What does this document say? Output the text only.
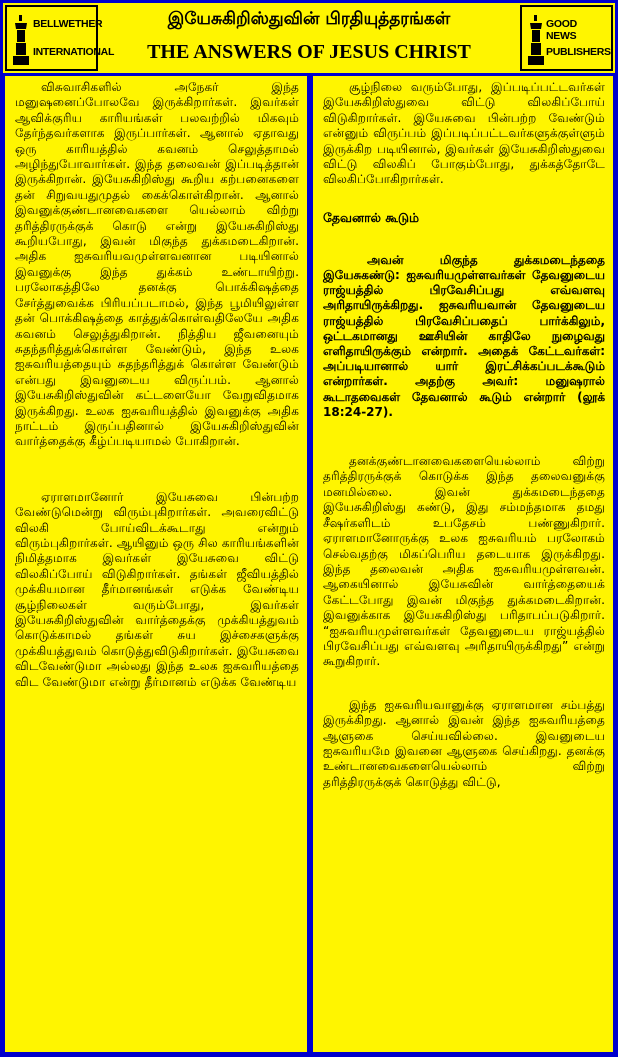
BELLWETHER
INTERNATIONAL
இயேசுகிறிஸ்துவின் பிரதியுத்தரங்கள்
THE ANSWERS OF JESUS CHRIST
GOOD NEWS
PUBLISHERS

விசுவாசிகளில் அநேகர் இந்த மனுஷனைப்போலவே இருக்கிறார்கள். இவர்கள் ஆவிக்குரிய காரியங்கள் பலவற்றில் மிகவும் தேர்ந்தவர்களாக இருப்பார்கள். ஆனால் ஏதாவது ஒரு காரியத்தில் கவனம் செலுத்தாமல் அழிந்துபோவார்கள். இந்த தலைவன் இப்படித்தான் இருக்கிறான். இயேசுகிறிஸ்து கூறிய கற்பனைகளை தன் சிறுவயதுமுதல் கைக்கொள்கிறான். ஆனால் இவனுக்குண்டானவைகளை யெல்லாம் விற்று தரித்திரருக்குக் கொடு என்று இயேசுகிறிஸ்து கூறியபோது, இவன் மிகுந்த துக்கமடைகிறான். அதிக ஐசுவரியவமுள்ளவனான படியினால் இவனுக்கு இந்த துக்கம் உண்டாயிற்று. பரலோகத்திலே தனக்கு பொக்கிஷத்தை சேர்த்துவைக்க பிரியப்படாமல், இந்த பூமியிலுள்ள தன் பொக்கிஷத்தை காத்துக்கொள்வதிலேயே அதிக கவனம் செலுத்துகிறான். நித்திய ஜீவனையும் சுதந்தரித்துக்கொள்ள வேண்டும், இந்த உலக ஐசுவரியத்தையும் சுதந்தரித்துக் கொள்ள வேண்டும் என்பது இவனுடைய விருப்பம். ஆனால் இயேசுகிறிஸ்துவின் கட்டளையோ வேறுவிதமாக இருக்கிறது. உலக ஐசுவரியத்தில் இவனுக்கு அதிக நாட்டம் இருப்பதினால் இயேசுகிறிஸ்துவின் வார்த்தைக்கு கீழ்ப்படியாமல் போகிறான்.

ஏராளமானோர் இயேசுவை பின்பற்ற வேண்டுமென்று விரும்புகிறார்கள். அவரைவிட்டு விலகி போய்விடக்கூடாது என்றும் விரும்புகிறார்கள். ஆயினும் ஒரு சில காரியங்களின் நிமித்தமாக இவர்கள் இயேசுவை விட்டு விலகிப்போய் விடுகிறார்கள். தங்கள் ஜீவியத்தில் முக்கியமான தீர்மானங்கள் எடுக்க வேண்டிய சூழ்நிலைகள் வரும்போது, இவர்கள் இயேசுகிறிஸ்துவின் வார்த்தைக்கு முக்கியத்துவம் கொடுக்காமல் தங்கள் சுய இச்சைகளுக்கு முக்கியத்துவம் கொடுத்துவிடுகிறார்கள். இயேசுவை விடவேண்டுமா அல்லது இந்த உலக ஐசுவரியத்தை விட வேண்டுமா என்று தீர்மானம் எடுக்க வேண்டிய

சூழ்நிலை வரும்போது, இப்படிப்பட்டவர்கள் இயேசுகிறிஸ்துவை விட்டு விலகிப்போய் விடுகிறார்கள். இயேசுவை பின்பற்ற வேண்டும் என்னும் விருப்பம் இப்படிப்பட்டவர்களுக்குள்ளும் இருக்கிற படியினால், இவர்கள் இயேசுகிறிஸ்துவை விட்டு விலகிப் போகும்போது, துக்கத்தோடே விலகிப்போகிறார்கள்.

தேவனால் கூடும்

அவன் மிகுந்த துக்கமடைந்ததை இயேசுகண்டு: ஐசுவரியமுள்ளவர்கள் தேவனுடைய ராஜ்யத்தில் பிரவேசிப்பது எவ்வளவு அரிதாயிருக்கிறது. ஐசுவரியவான் தேவனுடைய ராஜ்யத்தில் பிரவேசிப்பதைப் பார்க்கிலும், ஒட்டகமானது ஊசியின் காதிலே நுழைவது எளிதாயிருக்கும் என்றார். அதைக் கேட்டவர்கள்: அப்படியானால் யார் இரட்சிக்கப்படக்கூடும் என்றார்கள். அதற்கு அவர்: மனுஷரால் கூடாதவைகள் தேவனால் கூடும் என்றார் (லூக் 18:24-27).

தனக்குண்டானவைகளையெல்லாம் விற்று தரித்திரருக்குக் கொடுக்க இந்த தலைவனுக்கு மனமில்லை. இவன் துக்கமடைந்ததை இயேசுகிறிஸ்து கண்டு, இது சம்மந்தமாக தமது சீஷர்களிடம் உபதேசம் பண்ணுகிறார். ஏராளமானோருக்கு உலக ஐசுவரியம் பரலோகம் செல்வதற்கு மிகப்பெரிய தடையாக இருக்கிறது. இந்த தலைவன் அதிக ஐசுவரியமுள்ளவன். ஆகையினால் இயேசுவின் வார்த்தையைக் கேட்டபோது இவன் மிகுந்த துக்கமடைகிறான். இவனுக்காக இயேசுகிறிஸ்து பரிதாபப்படுகிறார். “ஐசுவரியமுள்ளவர்கள் தேவனுடைய ராஜ்யத்தில் பிரவேசிப்பது எவ்வளவு அரிதாயிருக்கிறது” என்று கூறுகிறார்.

இந்த ஐசுவரியவானுக்கு ஏராளமான சம்பத்து இருக்கிறது. ஆனால் இவன் இந்த ஐசுவரியத்தை ஆளுகை செய்யவில்லை. இவனுடைய ஐசுவரியமே இவனை ஆளுகை செய்கிறது. தனக்கு உண்டானவைகளையெல்லாம் விற்று தரித்திரருக்குக் கொடுத்து விட்டு,
